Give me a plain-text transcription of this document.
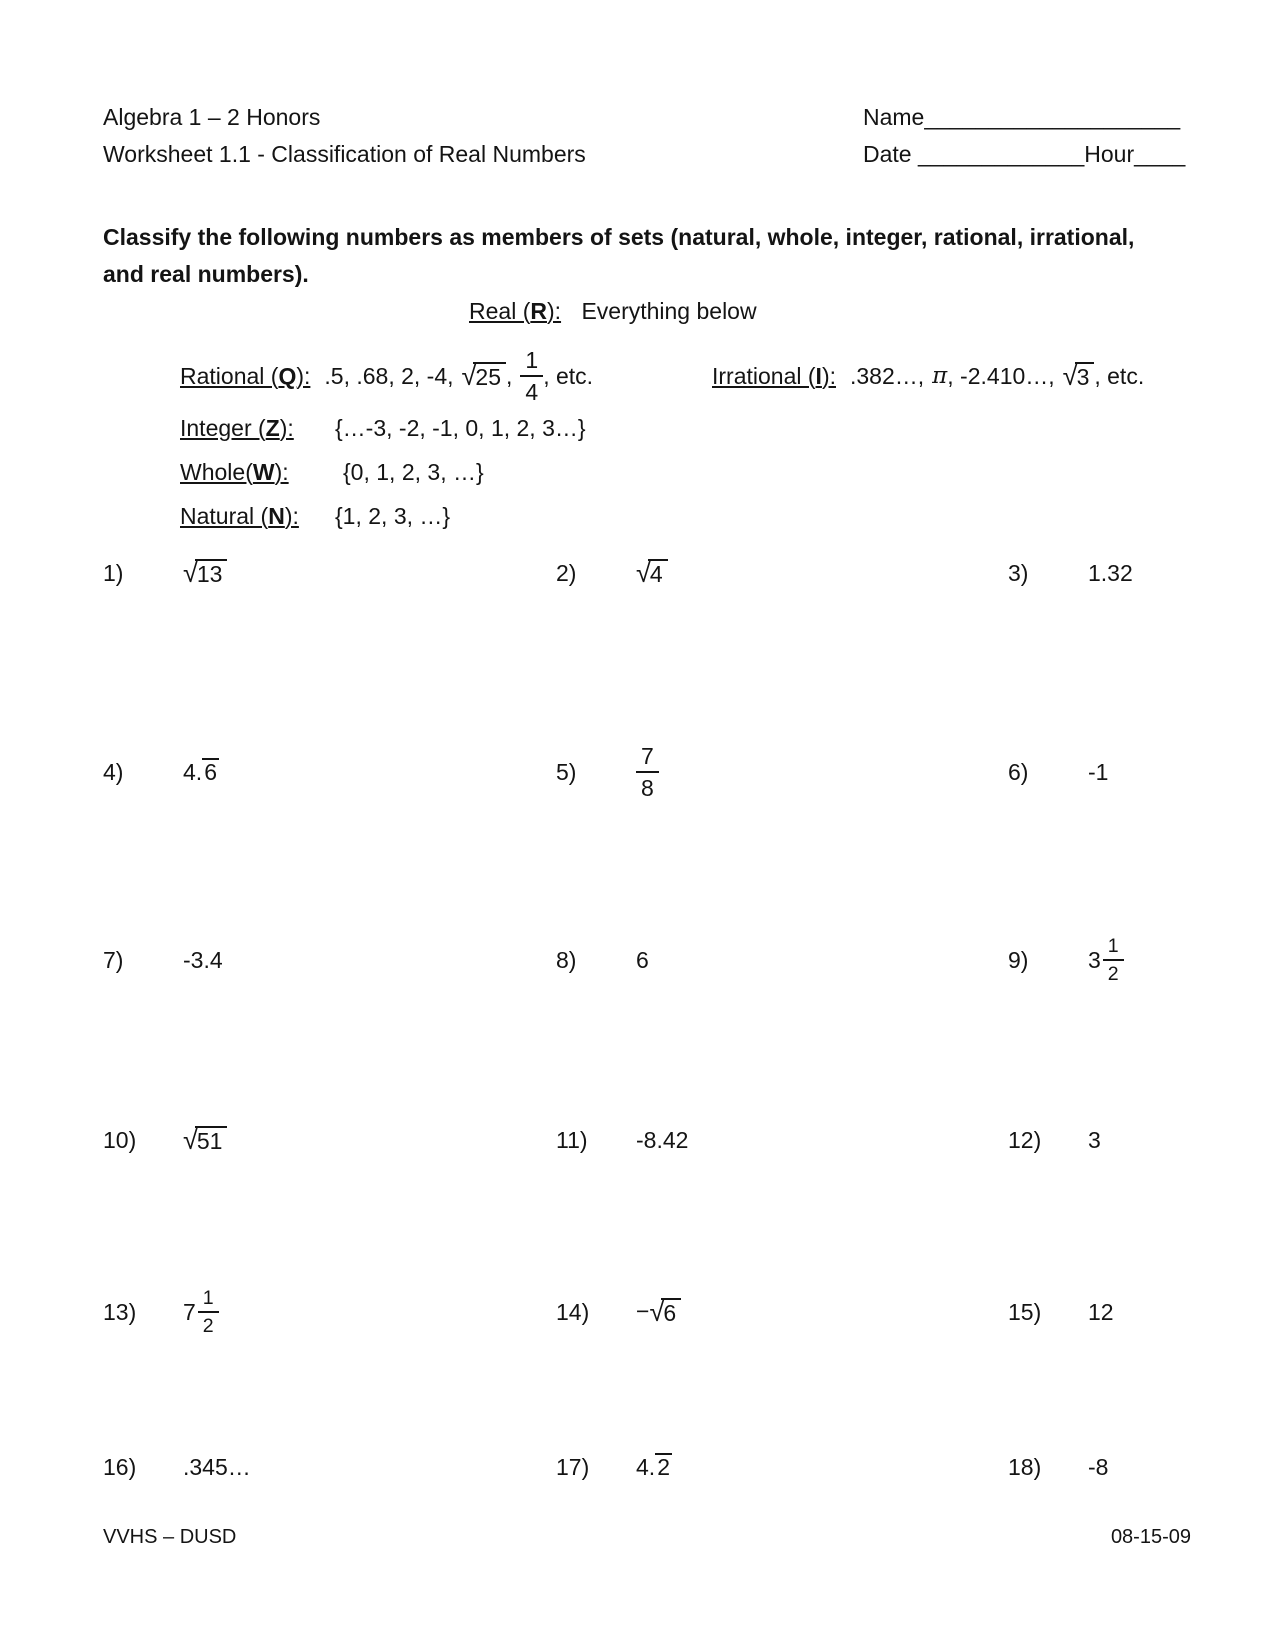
Algebra 1 – 2 Honors
Worksheet 1.1 - Classification of Real Numbers
Name____________________
Date _____________Hour____
Classify the following numbers as members of sets (natural, whole, integer, rational, irrational,
and real numbers).
Real (R): Everything below
Rational (Q): .5, .68, 2, -4, √ 25 , $\frac{1}{4}$ , etc.	Irrational (I): .382…, π , -2.410…, √ 3 , etc.
Integer (Z): {…-3, -2, -1, 0, 1, 2, 3…}
Whole(W): {0, 1, 2, 3, …}
Natural (N): {1, 2, 3, …}
1)	√ 13	2)	√ 4	3)	1.32
4)	4.6	5)	$\frac{7}{8}$	6)	-1
7)	-3.4	8)	6	9)	$3 \frac{1}{2}$
10)	√ 51	11)	-8.42	12)	3
13)	$7 \frac{1}{2}$	14)	− √ 6	15)	12
16)	.345…	17)	4.2	18)	-8
VVHS – DUSD	08-15-09
